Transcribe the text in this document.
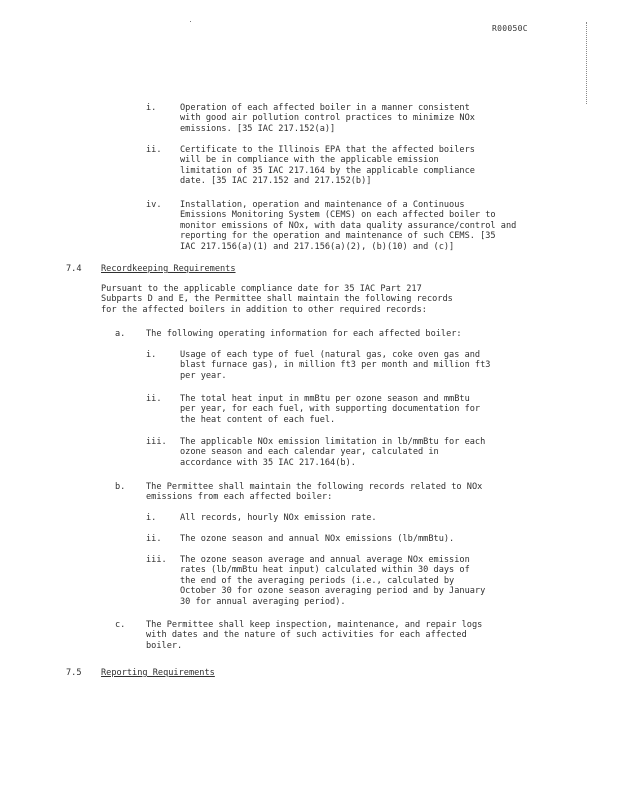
R00050C
i.	Operation of each affected boiler in a manner consistent
with good air pollution control practices to minimize NOx
emissions. [35 IAC 217.152(a)]
ii. Certificate to the Illinois EPA that the affected boilers
will be in compliance with the applicable emission
limitation of 35 IAC 217.164 by the applicable compliance
date. [35 IAC 217.152 and 217.152(b)]
iv. Installation, operation and maintenance of a Continuous
Emissions Monitoring System (CEMS) on each affected boiler to
monitor emissions of NOx, with data quality assurance/control and
reporting for the operation and maintenance of such CEMS. [35
IAC 217.156(a)(1) and 217.156(a)(2), (b)(10) and (c)]
7.4 Recordkeeping Requirements
Pursuant to the applicable compliance date for 35 IAC Part 217
Subparts D and E, the Permittee shall maintain the following records
for the affected boilers in addition to other required records:
a. The following operating information for each affected boiler:
i.	Usage of each type of fuel (natural gas, coke oven gas and
blast furnace gas), in million ft3 per month and million ft3
per year.
ii. The total heat input in mmBtu per ozone season and mmBtu
per year, for each fuel, with supporting documentation for
the heat content of each fuel.
iii. The applicable NOx emission limitation in lb/mmBtu for each
ozone season and each calendar year, calculated in
accordance with 35 IAC 217.164(b).
b. The Permittee shall maintain the following records related to NOx
emissions from each affected boiler:
i.	All records, hourly NOx emission rate.
ii. The ozone season and annual NOx emissions (lb/mmBtu).
iii. The ozone season average and annual average NOx emission
rates (lb/mmBtu heat input) calculated within 30 days of
the end of the averaging periods (i.e., calculated by
October 30 for ozone season averaging period and by January
30 for annual averaging period).
c. The Permittee shall keep inspection, maintenance, and repair logs
with dates and the nature of such activities for each affected
boiler.
7.5 Reporting Requirements
